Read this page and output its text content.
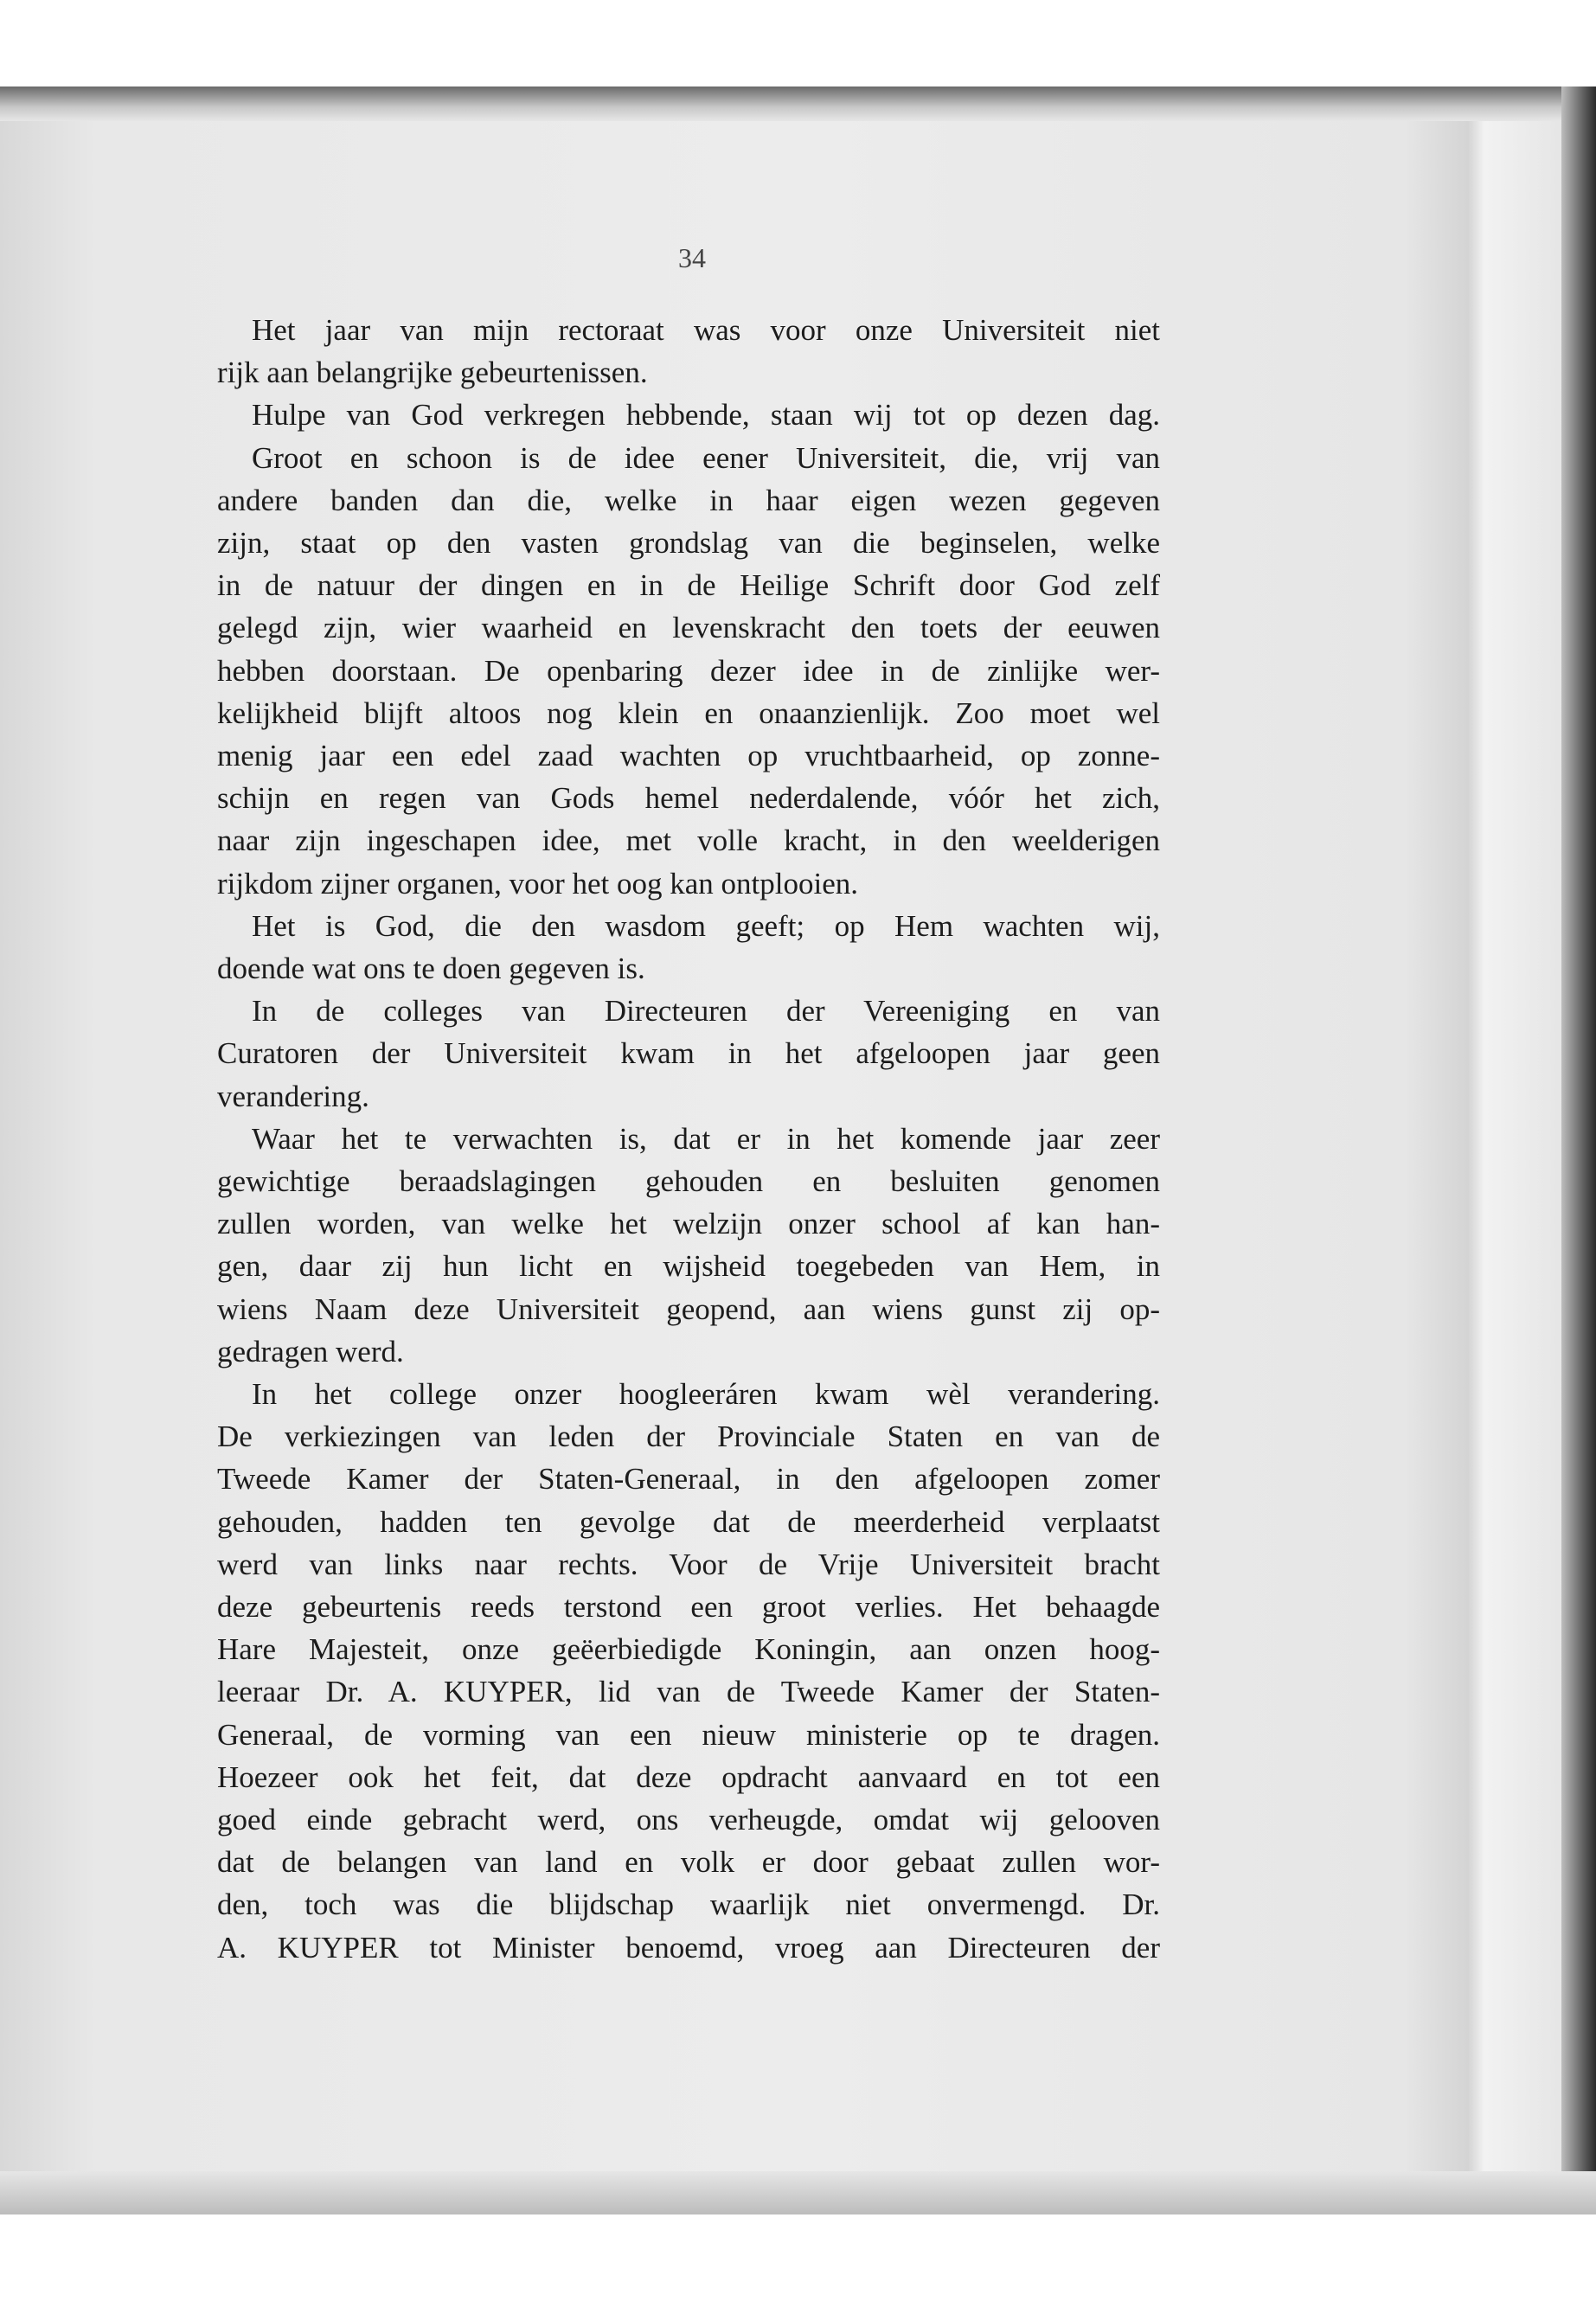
34
Het jaar van mijn rectoraat was voor onze Universiteit niet
rijk aan belangrijke gebeurtenissen.
Hulpe van God verkregen hebbende, staan wij tot op dezen dag.
Groot en schoon is de idee eener Universiteit, die, vrij van
andere banden dan die, welke in haar eigen wezen gegeven
zijn, staat op den vasten grondslag van die beginselen, welke
in de natuur der dingen en in de Heilige Schrift door God zelf
gelegd zijn, wier waarheid en levenskracht den toets der eeuwen
hebben doorstaan. De openbaring dezer idee in de zinlijke wer-
kelijkheid blijft altoos nog klein en onaanzienlijk. Zoo moet wel
menig jaar een edel zaad wachten op vruchtbaarheid, op zonne-
schijn en regen van Gods hemel nederdalende, vóór het zich,
naar zijn ingeschapen idee, met volle kracht, in den weelderigen
rijkdom zijner organen, voor het oog kan ontplooien.
Het is God, die den wasdom geeft; op Hem wachten wij,
doende wat ons te doen gegeven is.
In de colleges van Directeuren der Vereeniging en van
Curatoren der Universiteit kwam in het afgeloopen jaar geen
verandering.
Waar het te verwachten is, dat er in het komende jaar zeer
gewichtige beraadslagingen gehouden en besluiten genomen
zullen worden, van welke het welzijn onzer school af kan han-
gen, daar zij hun licht en wijsheid toegebeden van Hem, in
wiens Naam deze Universiteit geopend, aan wiens gunst zij op-
gedragen werd.
In het college onzer hoogleeráren kwam wèl verandering.
De verkiezingen van leden der Provinciale Staten en van de
Tweede Kamer der Staten-Generaal, in den afgeloopen zomer
gehouden, hadden ten gevolge dat de meerderheid verplaatst
werd van links naar rechts. Voor de Vrije Universiteit bracht
deze gebeurtenis reeds terstond een groot verlies. Het behaagde
Hare Majesteit, onze geëerbiedigde Koningin, aan onzen hoog-
leeraar Dr. A. KUYPER, lid van de Tweede Kamer der Staten-
Generaal, de vorming van een nieuw ministerie op te dragen.
Hoezeer ook het feit, dat deze opdracht aanvaard en tot een
goed einde gebracht werd, ons verheugde, omdat wij gelooven
dat de belangen van land en volk er door gebaat zullen wor-
den, toch was die blijdschap waarlijk niet onvermengd. Dr.
A. KUYPER tot Minister benoemd, vroeg aan Directeuren der
